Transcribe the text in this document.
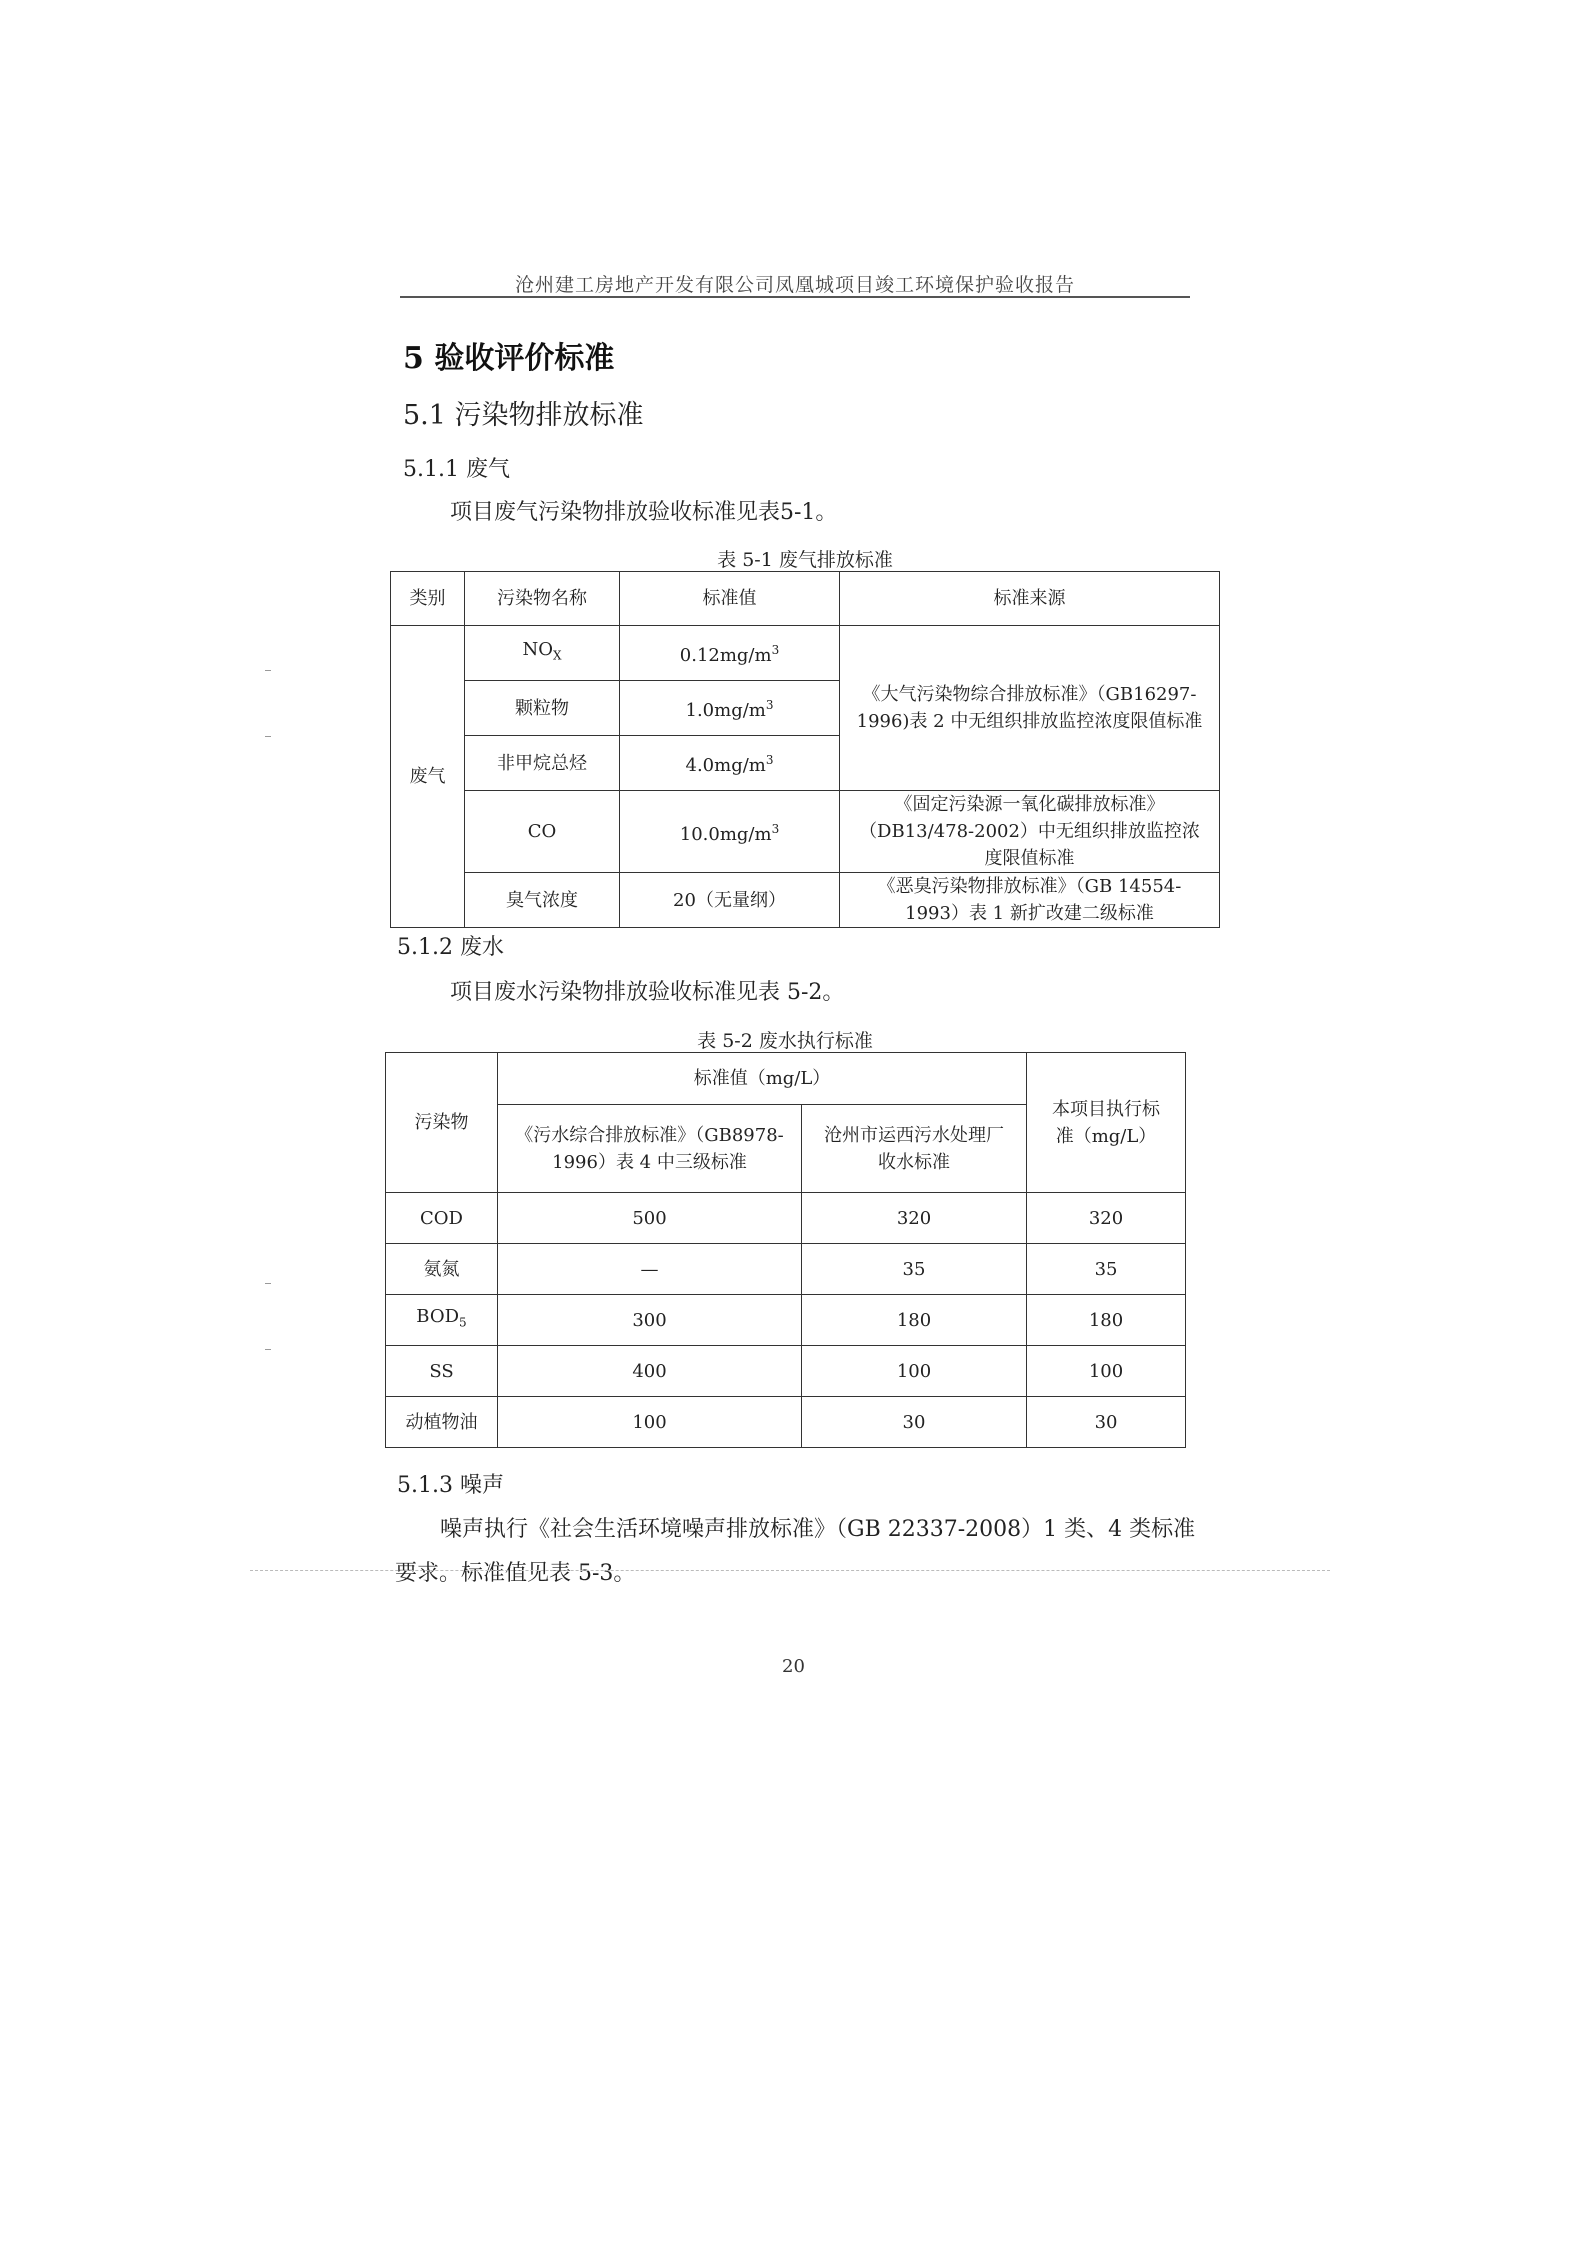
沧州建工房地产开发有限公司凤凰城项目竣工环境保护验收报告
5 验收评价标准
5.1 污染物排放标准
5.1.1 废气
项目废气污染物排放验收标准见表5-1。
表 5-1 废气排放标准
类别	污染物名称	标准值	标准来源
废气	$NO_X$	$0.12mg/m^3$	《大气污染物综合排放标准》（GB16297-1996)表 2 中无组织排放监控浓度限值标准
	颗粒物	$1.0mg/m^3$
	非甲烷总烃	$4.0mg/m^3$
	CO	$10.0mg/m^3$	《固定污染源一氧化碳排放标准》（DB13/478-2002）中无组织排放监控浓度限值标准
	臭气浓度	20（无量纲）	《恶臭污染物排放标准》（GB 14554-1993）表 1 新扩改建二级标准
5.1.2 废水
项目废水污染物排放验收标准见表 5-2。
表 5-2 废水执行标准
污染物	标准值（mg/L）		本项目执行标准（mg/L）
	《污水综合排放标准》（GB8978-1996）表 4 中三级标准	沧州市运西污水处理厂收水标准	
COD	500	320	320
氨氮	—	35	35
$BOD_5$	300	180	180
SS	400	100	100
动植物油	100	30	30
5.1.3 噪声
噪声执行《社会生活环境噪声排放标准》（GB 22337-2008）1 类、4 类标准
要求。标准值见表 5-3。
20
